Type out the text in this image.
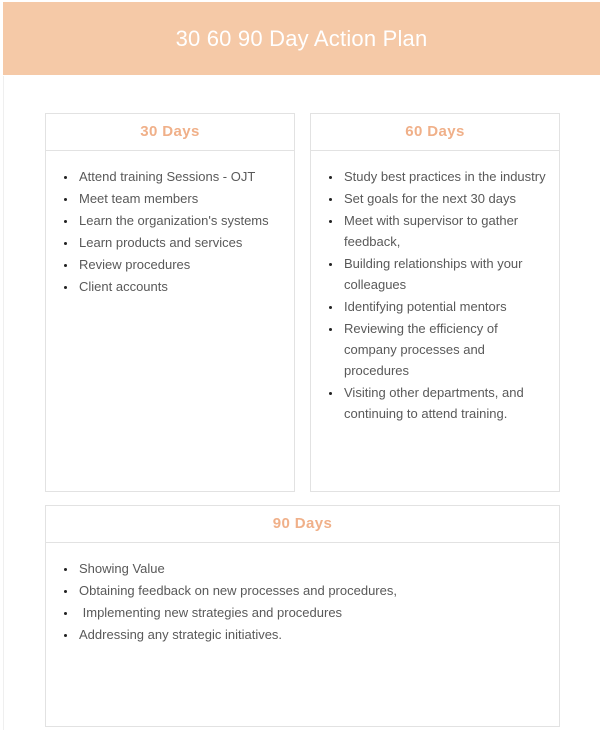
30 60 90 Day Action Plan
30 Days
• Attend training Sessions - OJT
• Meet team members
• Learn the organization's systems
• Learn products and services
• Review procedures
• Client accounts
60 Days
• Study best practices in the industry
• Set goals for the next 30 days
• Meet with supervisor to gather feedback,
• Building relationships with your colleagues
• Identifying potential mentors
• Reviewing the efficiency of company processes and procedures
• Visiting other departments, and continuing to attend training.
90 Days
• Showing Value
• Obtaining feedback on new processes and procedures,
•  Implementing new strategies and procedures
• Addressing any strategic initiatives.
